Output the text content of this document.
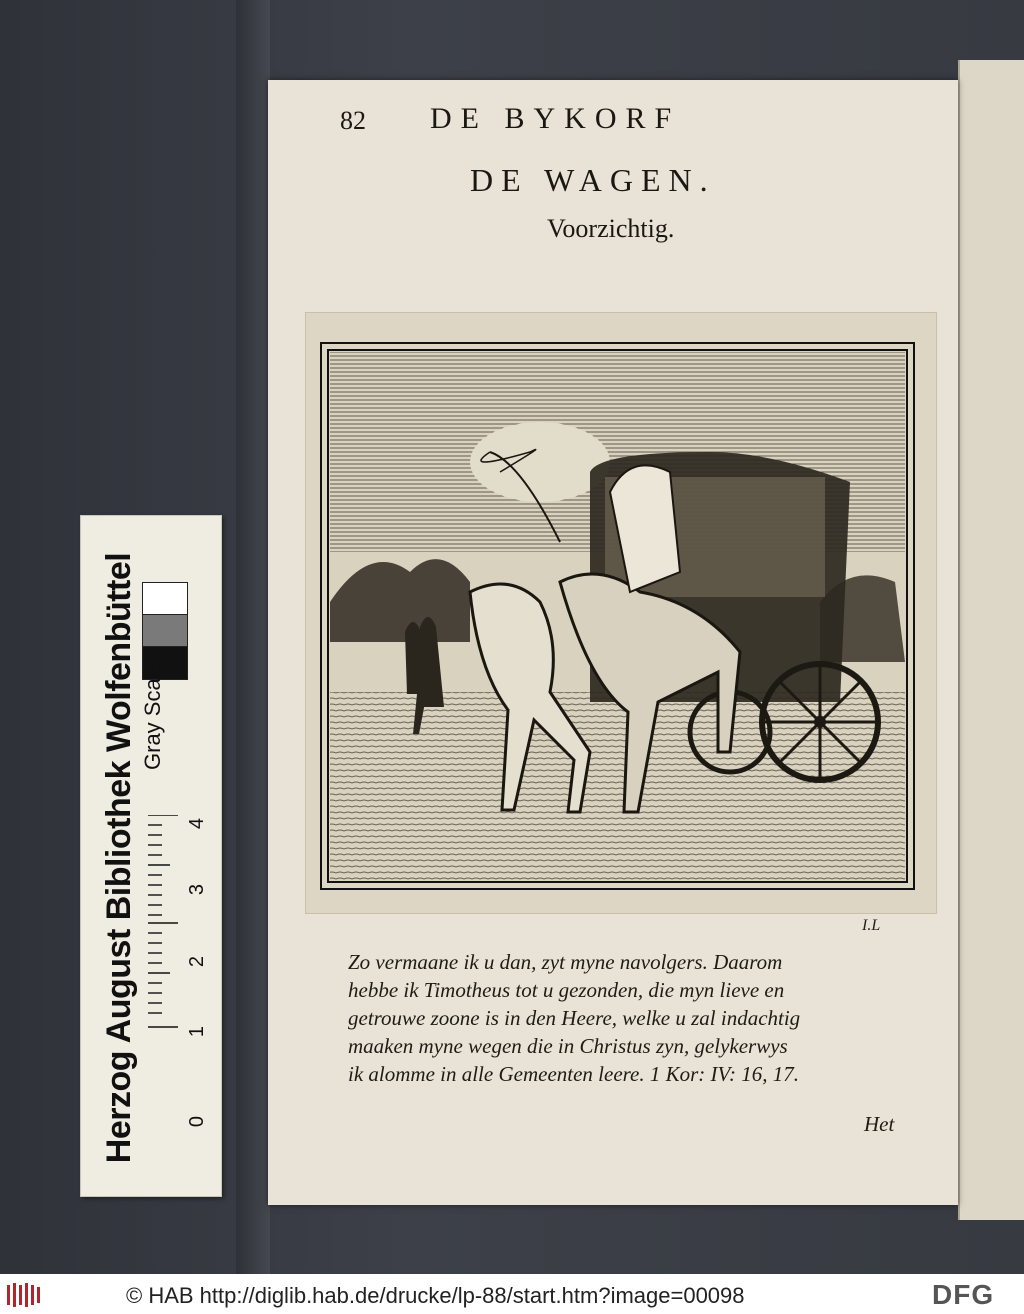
Herzog August Bibliothek Wolfenbüttel Gray Scale
4
3
2
1
0
82 DE BYKORF
DE WAGEN.
Voorzichtig.
I.L
Zo vermaane ik u dan, zyt myne navolgers. Daarom
hebbe ik Timotheus tot u gezonden, die myn lieve en
getrouwe zoone is in den Heere, welke u zal indachtig
maaken myne wegen die in Christus zyn, gelykerwys
ik alomme in alle Gemeenten leere. 1 Kor: IV: 16, 17.
Het
© HAB http://diglib.hab.de/drucke/lp-88/start.htm?image=00098	DFG
